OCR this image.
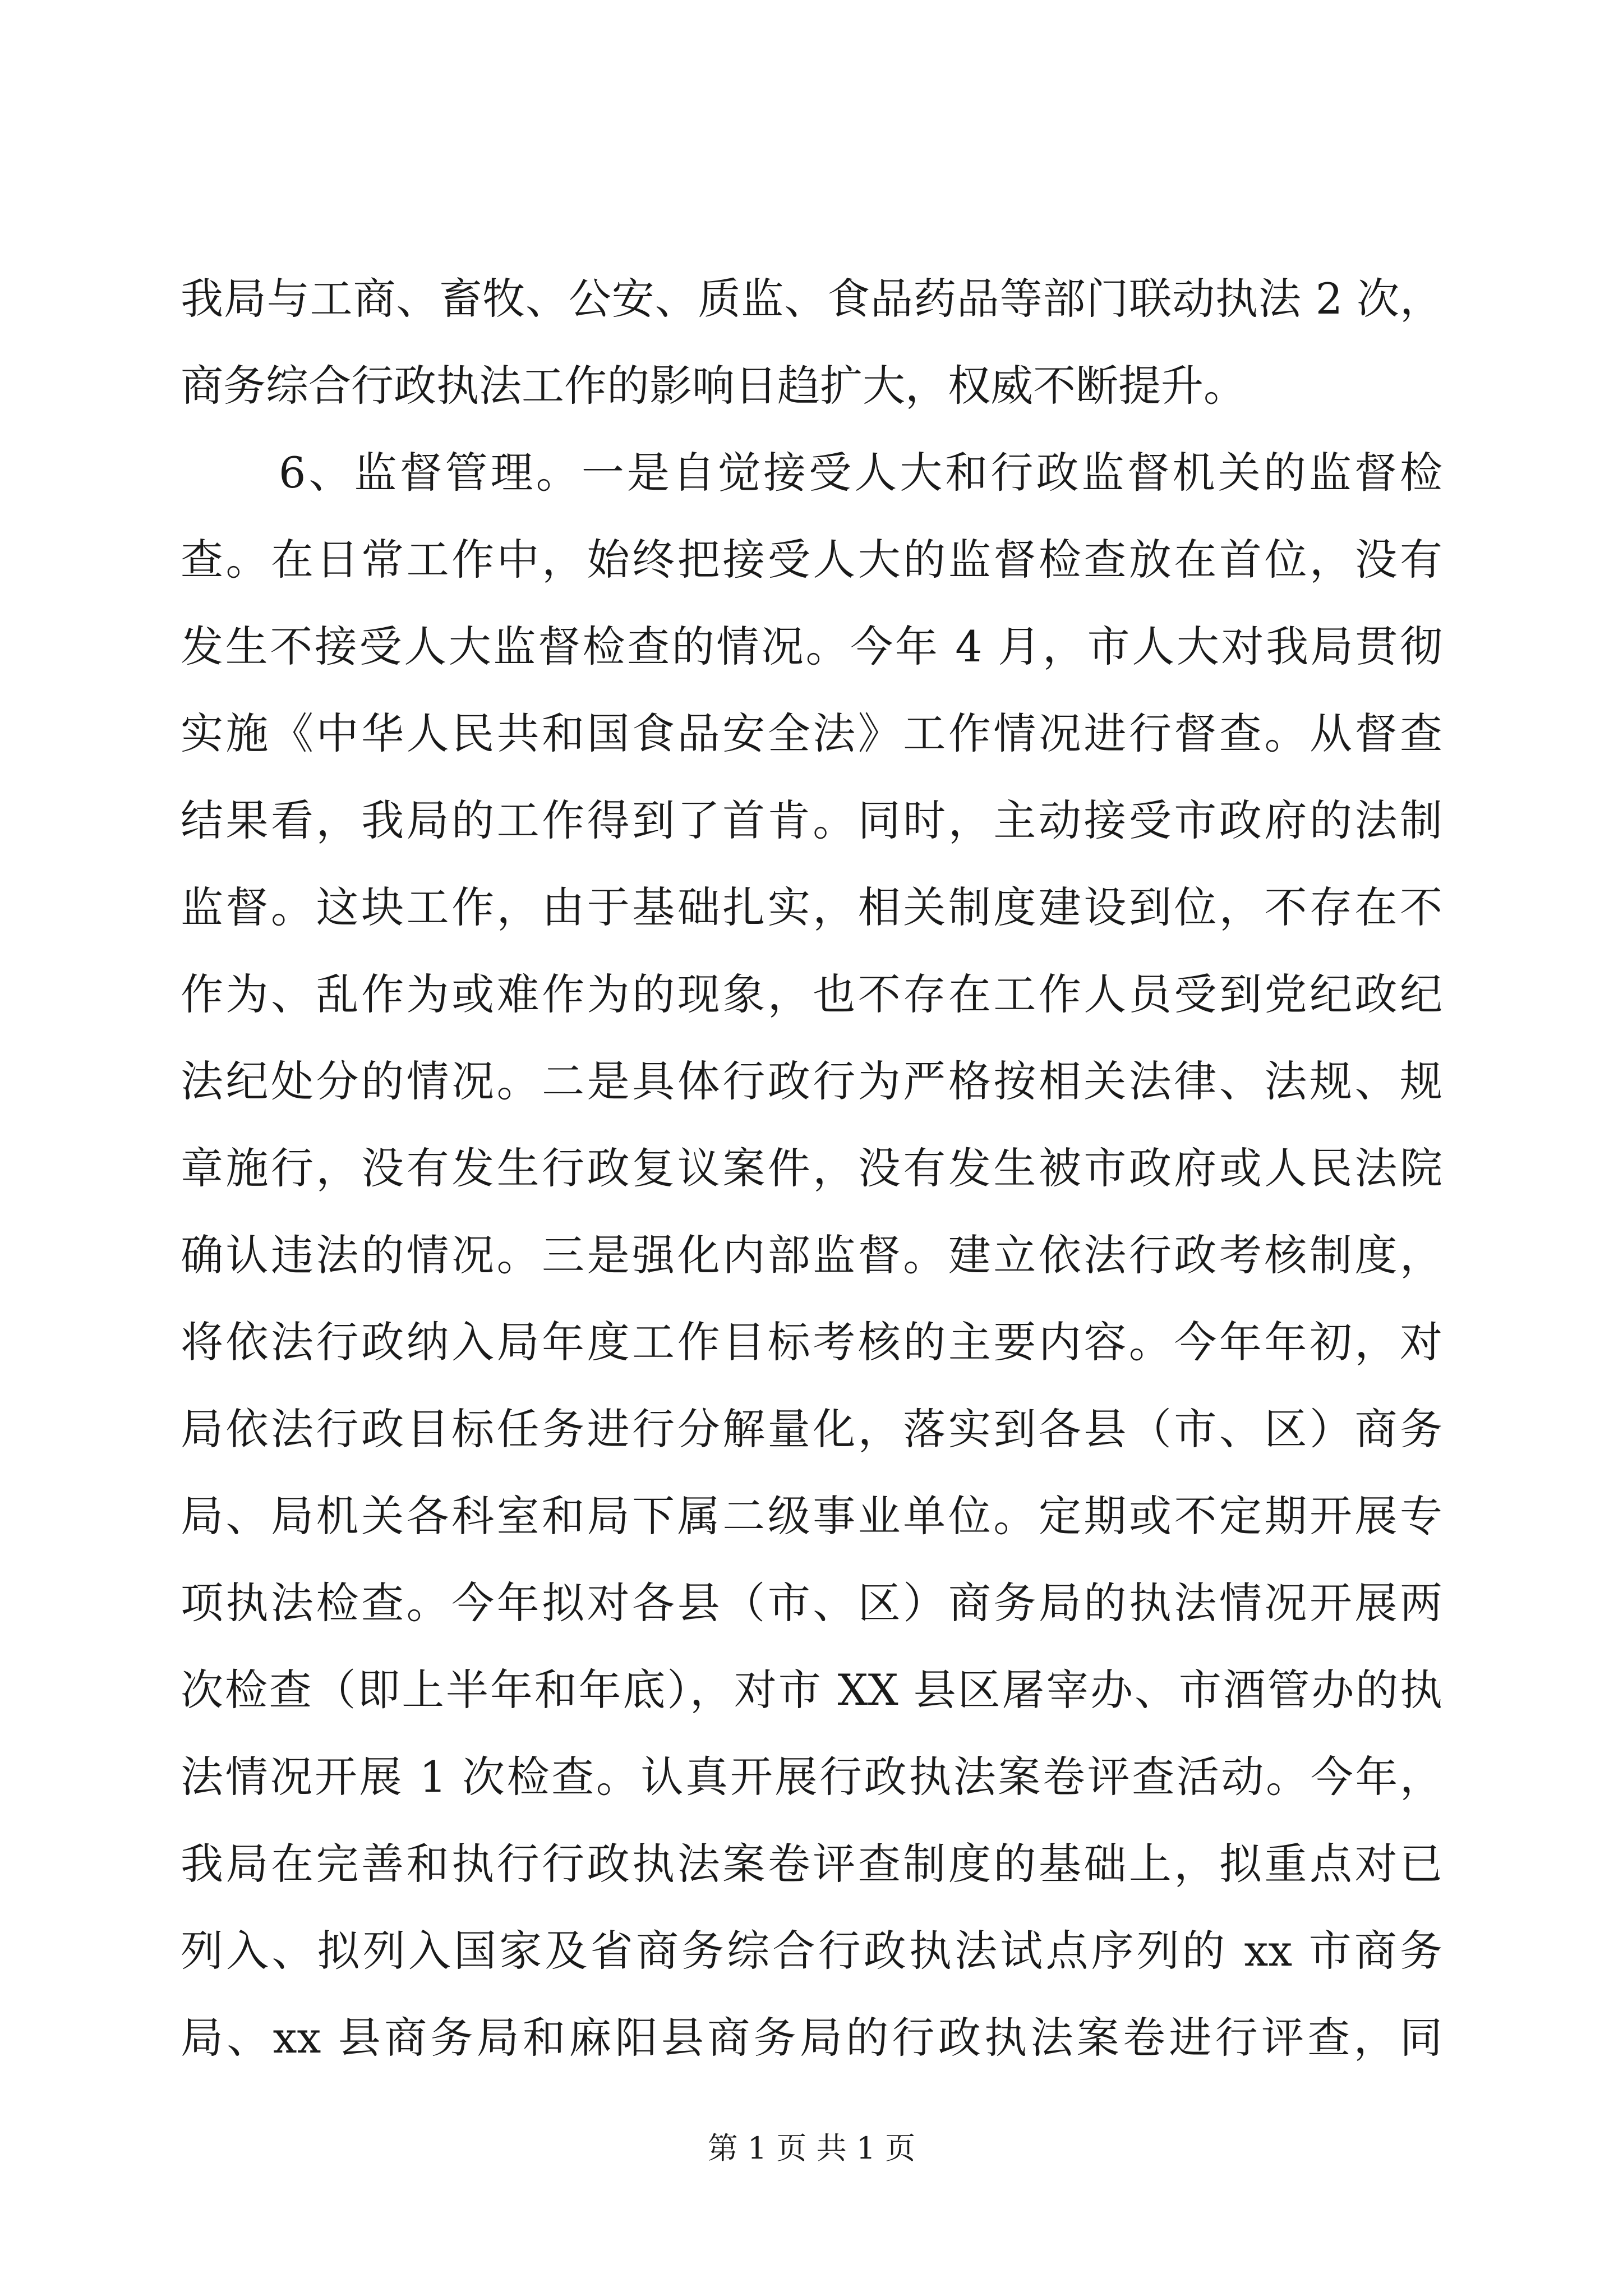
我局与工商、畜牧、公安、质监、食品药品等部门联动执法 2 次，
商务综合行政执法工作的影响日趋扩大，权威不断提升。
6、监督管理。一是自觉接受人大和行政监督机关的监督检
查。在日常工作中，始终把接受人大的监督检查放在首位，没有
发生不接受人大监督检查的情况。今年 4 月，市人大对我局贯彻
实施《中华人民共和国食品安全法》工作情况进行督查。从督查
结果看，我局的工作得到了首肯。同时，主动接受市政府的法制
监督。这块工作，由于基础扎实，相关制度建设到位，不存在不
作为、乱作为或难作为的现象，也不存在工作人员受到党纪政纪
法纪处分的情况。二是具体行政行为严格按相关法律、法规、规
章施行，没有发生行政复议案件，没有发生被市政府或人民法院
确认违法的情况。三是强化内部监督。建立依法行政考核制度，
将依法行政纳入局年度工作目标考核的主要内容。今年年初，对
局依法行政目标任务进行分解量化，落实到各县（市、区）商务
局、局机关各科室和局下属二级事业单位。定期或不定期开展专
项执法检查。今年拟对各县（市、区）商务局的执法情况开展两
次检查（即上半年和年底），对市 XX 县区屠宰办、市酒管办的执
法情况开展 1 次检查。认真开展行政执法案卷评查活动。今年，
我局在完善和执行行政执法案卷评查制度的基础上，拟重点对已
列入、拟列入国家及省商务综合行政执法试点序列的 xx 市商务
局、xx 县商务局和麻阳县商务局的行政执法案卷进行评查，同
第 1 页 共 1 页
